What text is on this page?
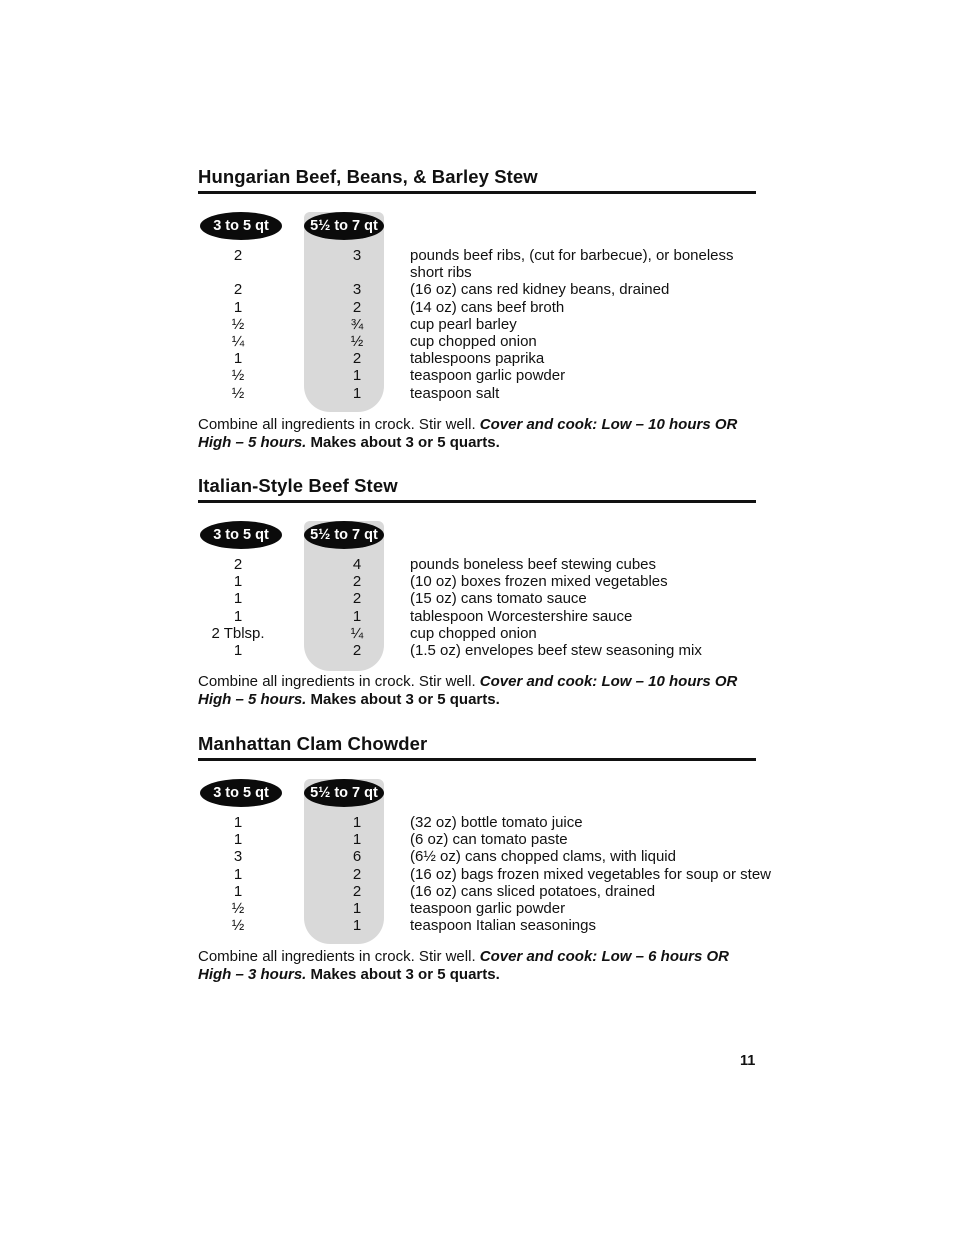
Hungarian Beef, Beans, & Barley Stew
3 to 5 qt	5½ to 7 qt
2	3	pounds beef ribs, (cut for barbecue), or boneless
short ribs
2	3	(16 oz) cans red kidney beans, drained
1	2	(14 oz) cans beef broth
½	¾	cup pearl barley
¼	½	cup chopped onion
1	2	tablespoons paprika
½	1	teaspoon garlic powder
½	1	teaspoon salt
Combine all ingredients in crock. Stir well. Cover and cook: Low – 10 hours OR High – 5 hours. Makes about 3 or 5 quarts.
Italian-Style Beef Stew
3 to 5 qt	5½ to 7 qt
2	4	pounds boneless beef stewing cubes
1	2	(10 oz) boxes frozen mixed vegetables
1	2	(15 oz) cans tomato sauce
1	1	tablespoon Worcestershire sauce
2 Tblsp.	¼	cup chopped onion
1	2	(1.5 oz) envelopes beef stew seasoning mix
Combine all ingredients in crock. Stir well. Cover and cook: Low – 10 hours OR High – 5 hours. Makes about 3 or 5 quarts.
Manhattan Clam Chowder
3 to 5 qt	5½ to 7 qt
1	1	(32 oz) bottle tomato juice
1	1	(6 oz) can tomato paste
3	6	(6½ oz) cans chopped clams, with liquid
1	2	(16 oz) bags frozen mixed vegetables for soup or stew
1	2	(16 oz) cans sliced potatoes, drained
½	1	teaspoon garlic powder
½	1	teaspoon Italian seasonings
Combine all ingredients in crock. Stir well. Cover and cook: Low – 6 hours OR High – 3 hours. Makes about 3 or 5 quarts.
11
